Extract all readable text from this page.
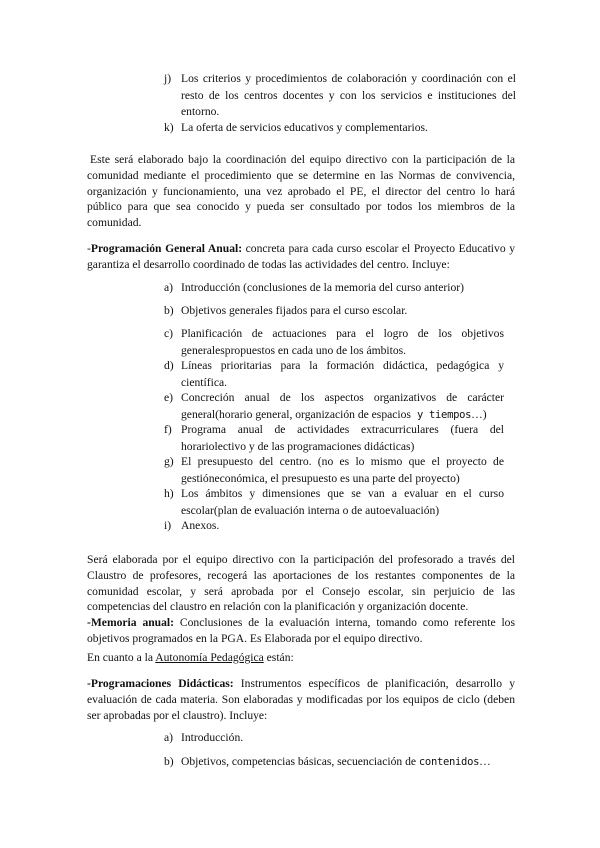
j) Los criterios y procedimientos de colaboración y coordinación con el resto de los centros docentes y con los servicios e instituciones del entorno.
k) La oferta de servicios educativos y complementarios.
Este será elaborado bajo la coordinación del equipo directivo con la participación de la comunidad mediante el procedimiento que se determine en las Normas de convivencia, organización y funcionamiento, una vez aprobado el PE, el director del centro lo hará público para que sea conocido y pueda ser consultado por todos los miembros de la comunidad.
-Programación General Anual: concreta para cada curso escolar el Proyecto Educativo y garantiza el desarrollo coordinado de todas las actividades del centro. Incluye:
a) Introducción (conclusiones de la memoria del curso anterior)
b) Objetivos generales fijados para el curso escolar.
c) Planificación de actuaciones para el logro de los objetivos generalespropuestos en cada uno de los ámbitos.
d) Líneas prioritarias para la formación didáctica, pedagógica y científica.
e) Concreción anual de los aspectos organizativos de carácter general(horario general, organización de espacios y tiempos…)
f) Programa anual de actividades extracurriculares (fuera del horariolectivo y de las programaciones didácticas)
g) El presupuesto del centro. (no es lo mismo que el proyecto de gestióneconómica, el presupuesto es una parte del proyecto)
h) Los ámbitos y dimensiones que se van a evaluar en el curso escolar(plan de evaluación interna o de autoevaluación)
i) Anexos.
Será elaborada por el equipo directivo con la participación del profesorado a través del Claustro de profesores, recogerá las aportaciones de los restantes componentes de la comunidad escolar, y será aprobada por el Consejo escolar, sin perjuicio de las competencias del claustro en relación con la planificación y organización docente.
-Memoria anual: Conclusiones de la evaluación interna, tomando como referente los objetivos programados en la PGA. Es Elaborada por el equipo directivo.
En cuanto a la Autonomía Pedagógica están:
-Programaciones Didácticas: Instrumentos específicos de planificación, desarrollo y evaluación de cada materia. Son elaboradas y modificadas por los equipos de ciclo (deben ser aprobadas por el claustro). Incluye:
a) Introducción.
b) Objetivos, competencias básicas, secuenciación de contenidos…
